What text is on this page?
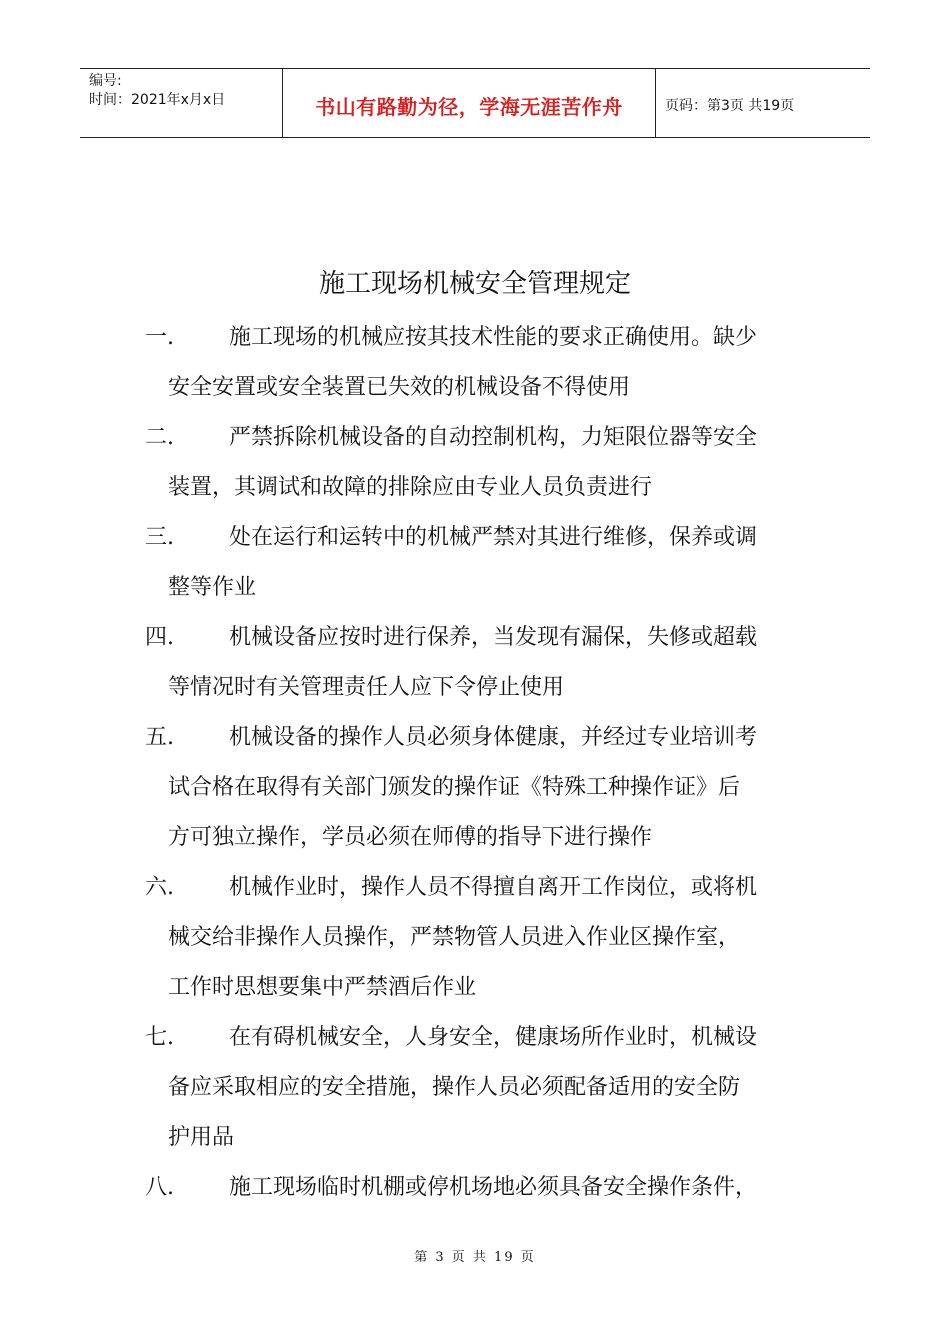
编号:
时间：2021年x月x日	书山有路勤为径，学海无涯苦作舟	页码：第3页 共19页
施工现场机械安全管理规定
一.	施工现场的机械应按其技术性能的要求正确使用。缺少
安全安置或安全装置已失效的机械设备不得使用
二.	严禁拆除机械设备的自动控制机构，力矩限位器等安全
装置，其调试和故障的排除应由专业人员负责进行
三.	处在运行和运转中的机械严禁对其进行维修，保养或调
整等作业
四.	机械设备应按时进行保养，当发现有漏保，失修或超载
等情况时有关管理责任人应下令停止使用
五.	机械设备的操作人员必须身体健康，并经过专业培训考
试合格在取得有关部门颁发的操作证《特殊工种操作证》后
方可独立操作，学员必须在师傅的指导下进行操作
六.	机械作业时，操作人员不得擅自离开工作岗位，或将机
械交给非操作人员操作，严禁物管人员进入作业区操作室，
工作时思想要集中严禁酒后作业
七.	在有碍机械安全，人身安全，健康场所作业时，机械设
备应采取相应的安全措施，操作人员必须配备适用的安全防
护用品
八.	施工现场临时机棚或停机场地必须具备安全操作条件，
第 3 页 共 19 页
